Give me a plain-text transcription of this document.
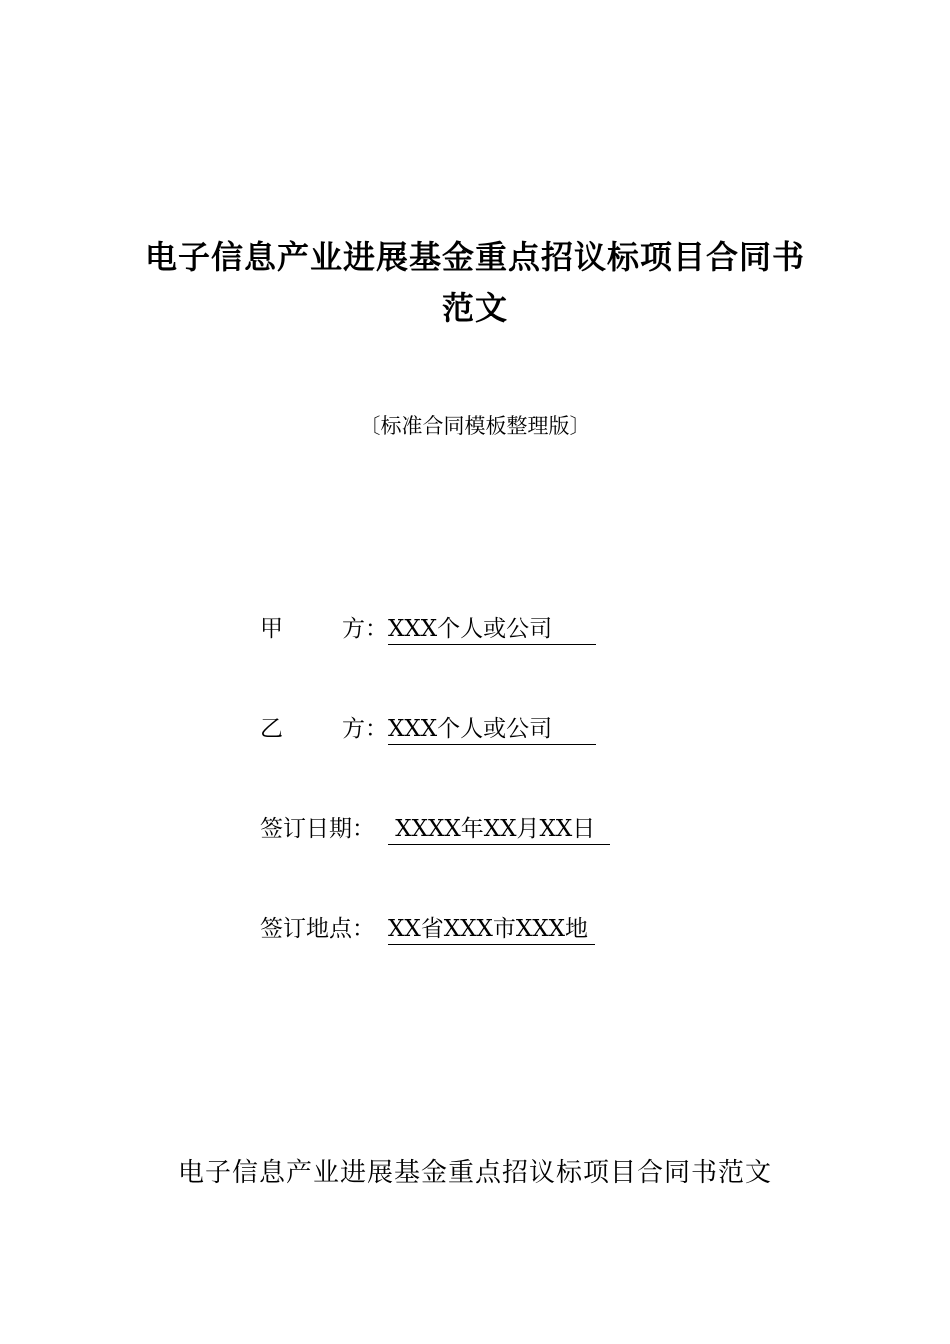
电子信息产业进展基金重点招议标项目合同书
范文
〔标准合同模板整理版〕
甲	方： XXX个人或公司
乙	方： XXX个人或公司
签订日期： XXXX年XX月XX日
签订地点： XX省XXX市XXX地
电子信息产业进展基金重点招议标项目合同书范文
